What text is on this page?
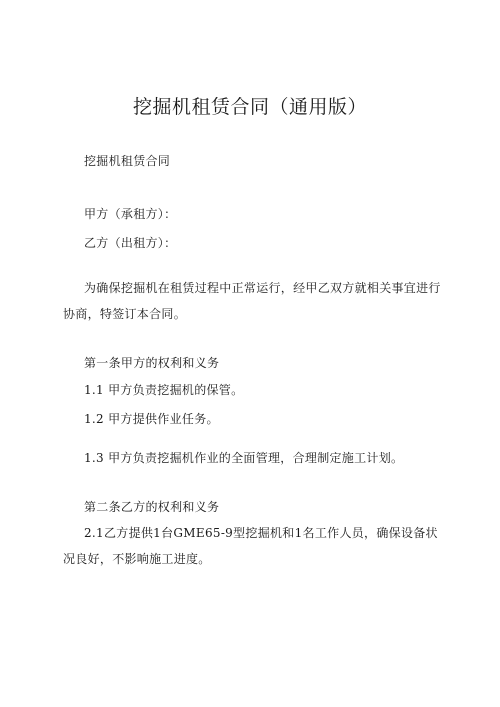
挖掘机租赁合同（通用版）
挖掘机租赁合同
甲方（承租方）：
乙方（出租方）：
为确保挖掘机在租赁过程中正常运行，经甲乙双方就相关事宜进行协商，特签订本合同。
第一条甲方的权利和义务
1.1 甲方负责挖掘机的保管。
1.2 甲方提供作业任务。
1.3 甲方负责挖掘机作业的全面管理，合理制定施工计划。
第二条乙方的权利和义务
2.1乙方提供1台GME65-9型挖掘机和1名工作人员，确保设备状况良好，不影响施工进度。
